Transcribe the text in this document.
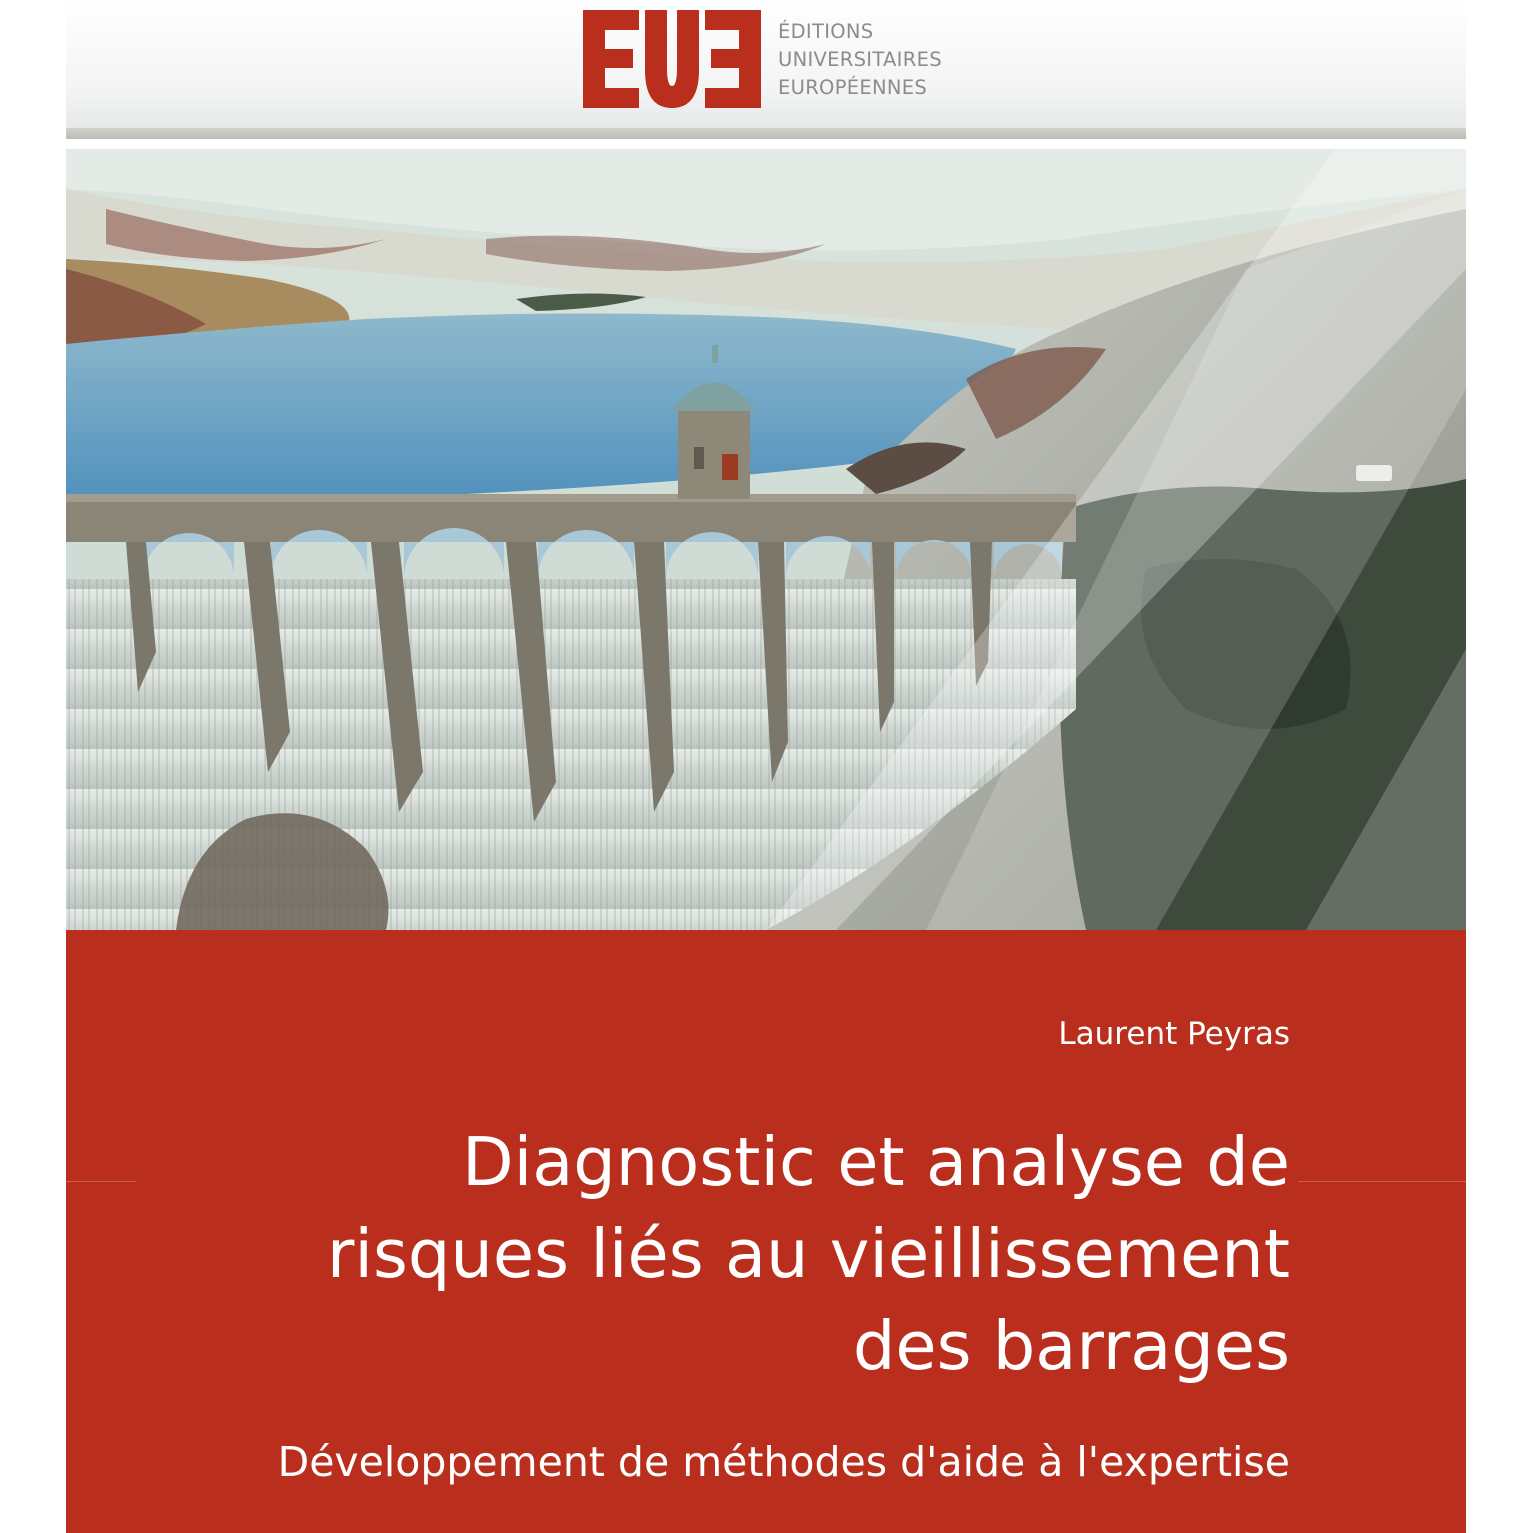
ÉDITIONS
UNIVERSITAIRES
EUROPÉENNES

Laurent Peyras

Diagnostic et analyse de
risques liés au vieillissement
des barrages

Développement de méthodes d'aide à l'expertise
